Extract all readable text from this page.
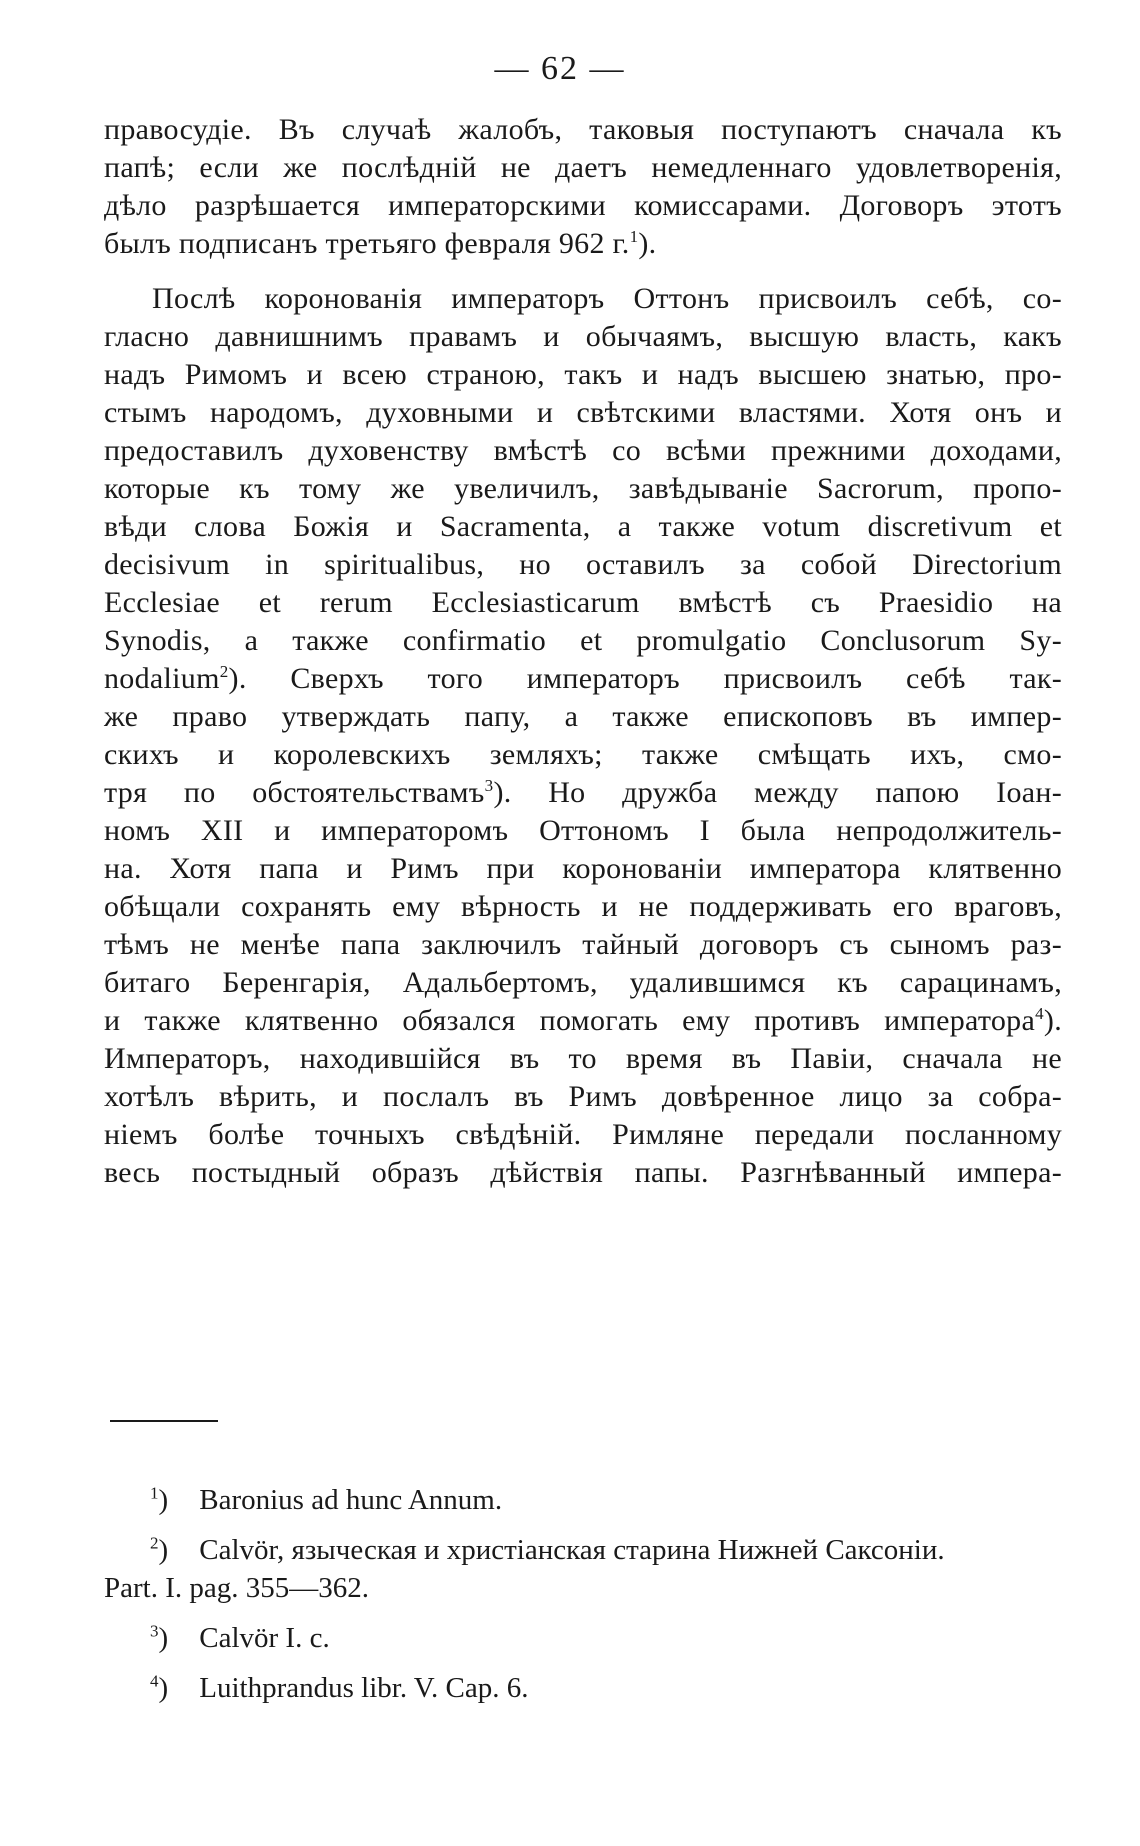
— 62 —
правосудіе. Въ случаѣ жалобъ, таковыя поступаютъ сначала къ
папѣ; если же послѣдній не даетъ немедленнаго удовлетворенія,
дѣло разрѣшается императорскими комиссарами. Договоръ этотъ
былъ подписанъ третьяго февраля 962 г.$^1$).
Послѣ коронованія императоръ Оттонъ присвоилъ себѣ, со-
гласно давнишнимъ правамъ и обычаямъ, высшую власть, какъ
надъ Римомъ и всею страною, такъ и надъ высшею знатью, про-
стымъ народомъ, духовными и свѣтскими властями. Хотя онъ и
предоставилъ духовенству вмѣстѣ со всѣми прежними доходами,
которые къ тому же увеличилъ, завѣдываніе Sacrorum, пропо-
вѣди слова Божія и Sacramenta, а также votum discretivum et
decisivum in spiritualibus, но оставилъ за собой Directorium
Ecclesiae et rerum Ecclesiasticarum вмѣстѣ съ Praesidio на
Synodis, а также confirmatio et promulgatio Conclusorum Sy-
nodalium$^2$). Сверхъ того императоръ присвоилъ себѣ так-
же право утверждать папу, а также епископовъ въ импер-
скихъ и королевскихъ земляхъ; также смѣщать ихъ, смо-
тря по обстоятельствамъ$^3$). Но дружба между папою Іоан-
номъ XII и императоромъ Оттономъ I была непродолжитель-
на. Хотя папа и Римъ при коронованіи императора клятвенно
обѣщали сохранять ему вѣрность и не поддерживать его враговъ,
тѣмъ не менѣе папа заключилъ тайный договоръ съ сыномъ раз-
битаго Беренгарія, Адальбертомъ, удалившимся къ сарацинамъ,
и также клятвенно обязался помогать ему противъ императора$^4$).
Императоръ, находившійся въ то время въ Павіи, сначала не
хотѣлъ вѣрить, и послалъ въ Римъ довѣренное лицо за собра-
ніемъ болѣе точныхъ свѣдѣній. Римляне передали посланному
весь постыдный образъ дѣйствія папы. Разгнѣванный импера-
$^1$) Baronius ad hunc Annum.
$^2$) Calvör, языческая и христіанская старина Нижней Саксоніи.
Part. I. pag. 355—362.
$^3$) Calvör I. c.
$^4$) Luithprandus libr. V. Cap. 6.
